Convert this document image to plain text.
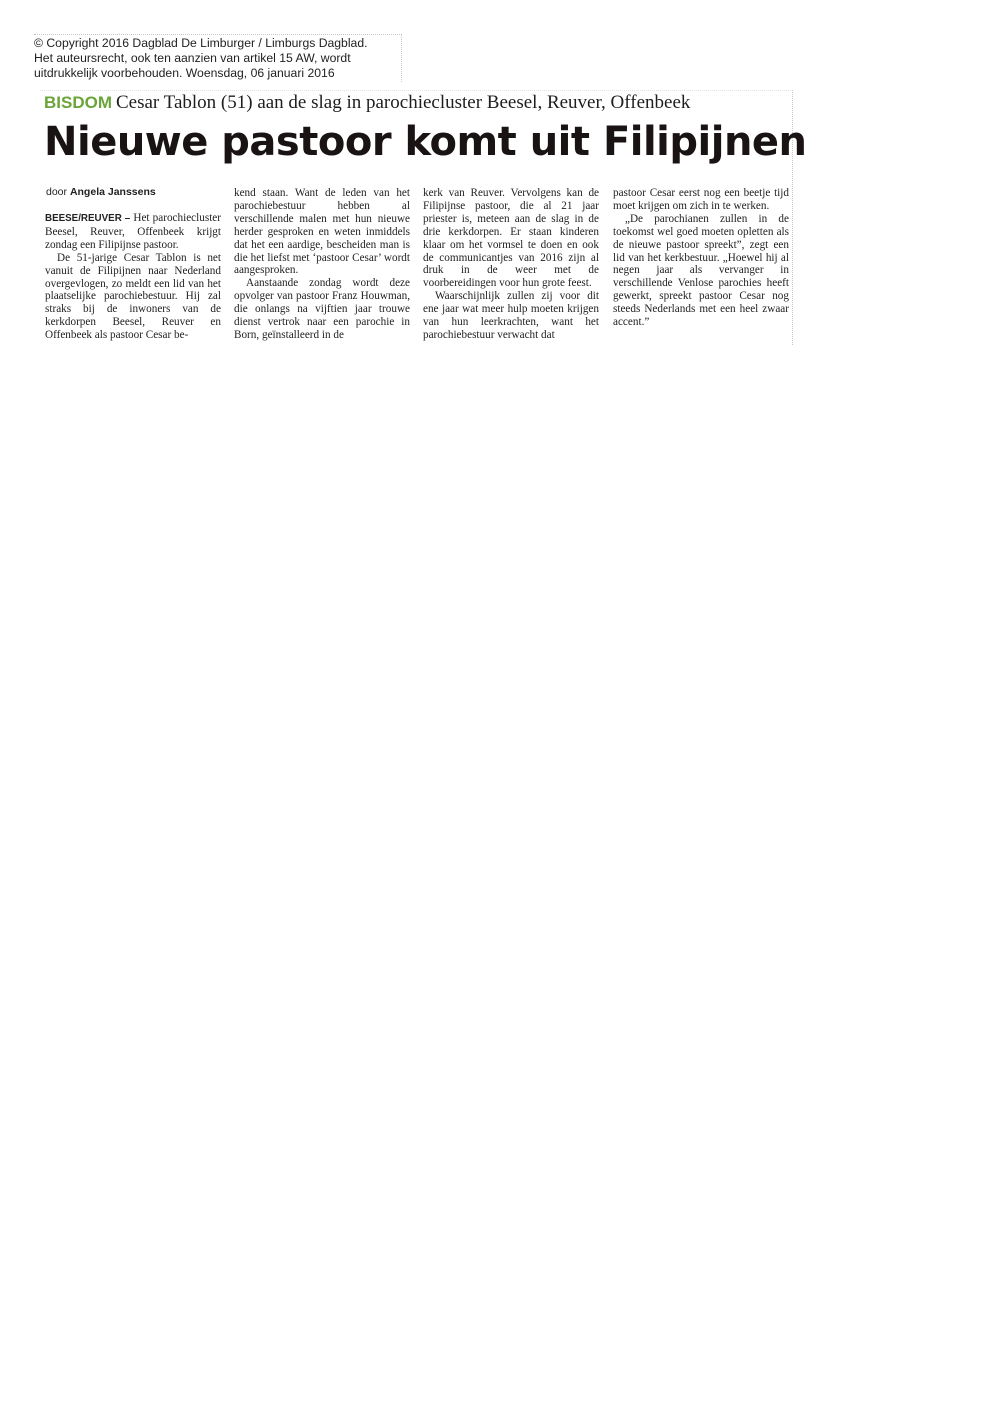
© Copyright 2016 Dagblad De Limburger / Limburgs Dagblad.
Het auteursrecht, ook ten aanzien van artikel 15 AW, wordt
uitdrukkelijk voorbehouden. Woensdag, 06 januari 2016
BISDOM Cesar Tablon (51) aan de slag in parochiecluster Beesel, Reuver, Offenbeek
Nieuwe pastoor komt uit Filipijnen
door Angela Janssens

BEESE/REUVER – Het parochiecluster Beesel, Reuver, Offenbeek krijgt zondag een Filipijnse pastoor.

De 51-jarige Cesar Tablon is net vanuit de Filipijnen naar Nederland overgevlogen, zo meldt een lid van het plaatselijke parochiebestuur. Hij zal straks bij de inwoners van de kerkdorpen Beesel, Reuver en Offenbeek als pastoor Cesar be-

kend staan. Want de leden van het parochiebestuur hebben al verschillende malen met hun nieuwe herder gesproken en weten inmiddels dat het een aardige, bescheiden man is die het liefst met ‘pastoor Cesar’ wordt aangesproken.

Aanstaande zondag wordt deze opvolger van pastoor Franz Houwman, die onlangs na vijftien jaar trouwe dienst vertrok naar een parochie in Born, geïnstalleerd in de

kerk van Reuver. Vervolgens kan de Filipijnse pastoor, die al 21 jaar priester is, meteen aan de slag in de drie kerkdorpen. Er staan kinderen klaar om het vormsel te doen en ook de communicantjes van 2016 zijn al druk in de weer met de voorbereidingen voor hun grote feest.

Waarschijnlijk zullen zij voor dit ene jaar wat meer hulp moeten krijgen van hun leerkrachten, want het parochiebestuur verwacht dat

pastoor Cesar eerst nog een beetje tijd moet krijgen om zich in te werken.

„De parochianen zullen in de toekomst wel goed moeten opletten als de nieuwe pastoor spreekt”, zegt een lid van het kerkbestuur. „Hoewel hij al negen jaar als vervanger in verschillende Venlose parochies heeft gewerkt, spreekt pastoor Cesar nog steeds Nederlands met een heel zwaar accent.”
